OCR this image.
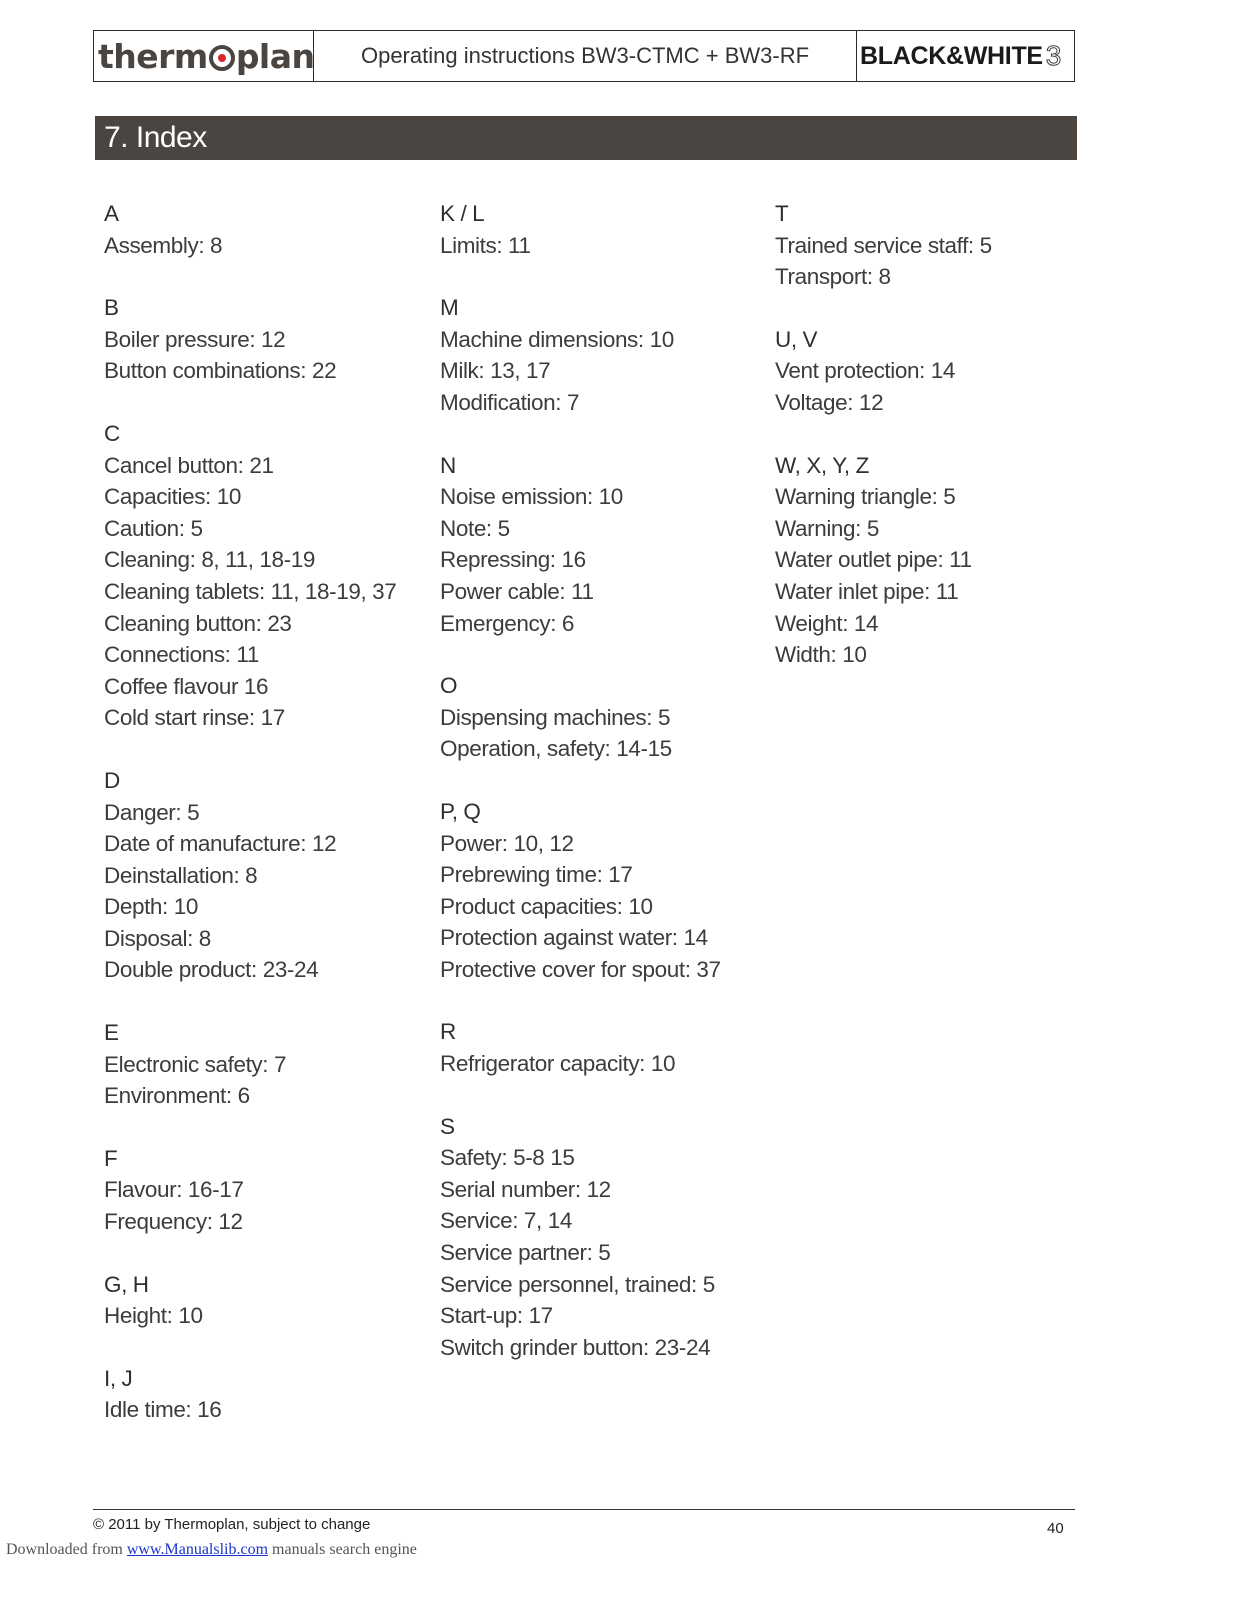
therm plan	Operating instructions BW3-CTMC + BW3-RF	BLACK&WHITE 3
7. Index
A
Assembly: 8
B
Boiler pressure: 12
Button combinations: 22
C
Cancel button: 21
Capacities: 10
Caution: 5
Cleaning: 8, 11, 18-19
Cleaning tablets: 11, 18-19, 37
Cleaning button: 23
Connections: 11
Coffee flavour 16
Cold start rinse: 17
D
Danger: 5
Date of manufacture: 12
Deinstallation: 8
Depth: 10
Disposal: 8
Double product: 23-24
E
Electronic safety: 7
Environment: 6
F
Flavour: 16-17
Frequency: 12
G, H
Height: 10
I, J
Idle time: 16
K / L
Limits: 11
M
Machine dimensions: 10
Milk: 13, 17
Modification: 7
N
Noise emission: 10
Note: 5
Repressing: 16
Power cable: 11
Emergency: 6
O
Dispensing machines: 5
Operation, safety: 14-15
P, Q
Power: 10, 12
Prebrewing time: 17
Product capacities: 10
Protection against water: 14
Protective cover for spout: 37
R
Refrigerator capacity: 10
S
Safety: 5-8 15
Serial number: 12
Service: 7, 14
Service partner: 5
Service personnel, trained: 5
Start-up: 17
Switch grinder button: 23-24
T
Trained service staff: 5
Transport: 8
U, V
Vent protection: 14
Voltage: 12
W, X, Y, Z
Warning triangle: 5
Warning: 5
Water outlet pipe: 11
Water inlet pipe: 11
Weight: 14
Width: 10
© 2011 by Thermoplan, subject to change	40
Downloaded from www.Manualslib.com manuals search engine
